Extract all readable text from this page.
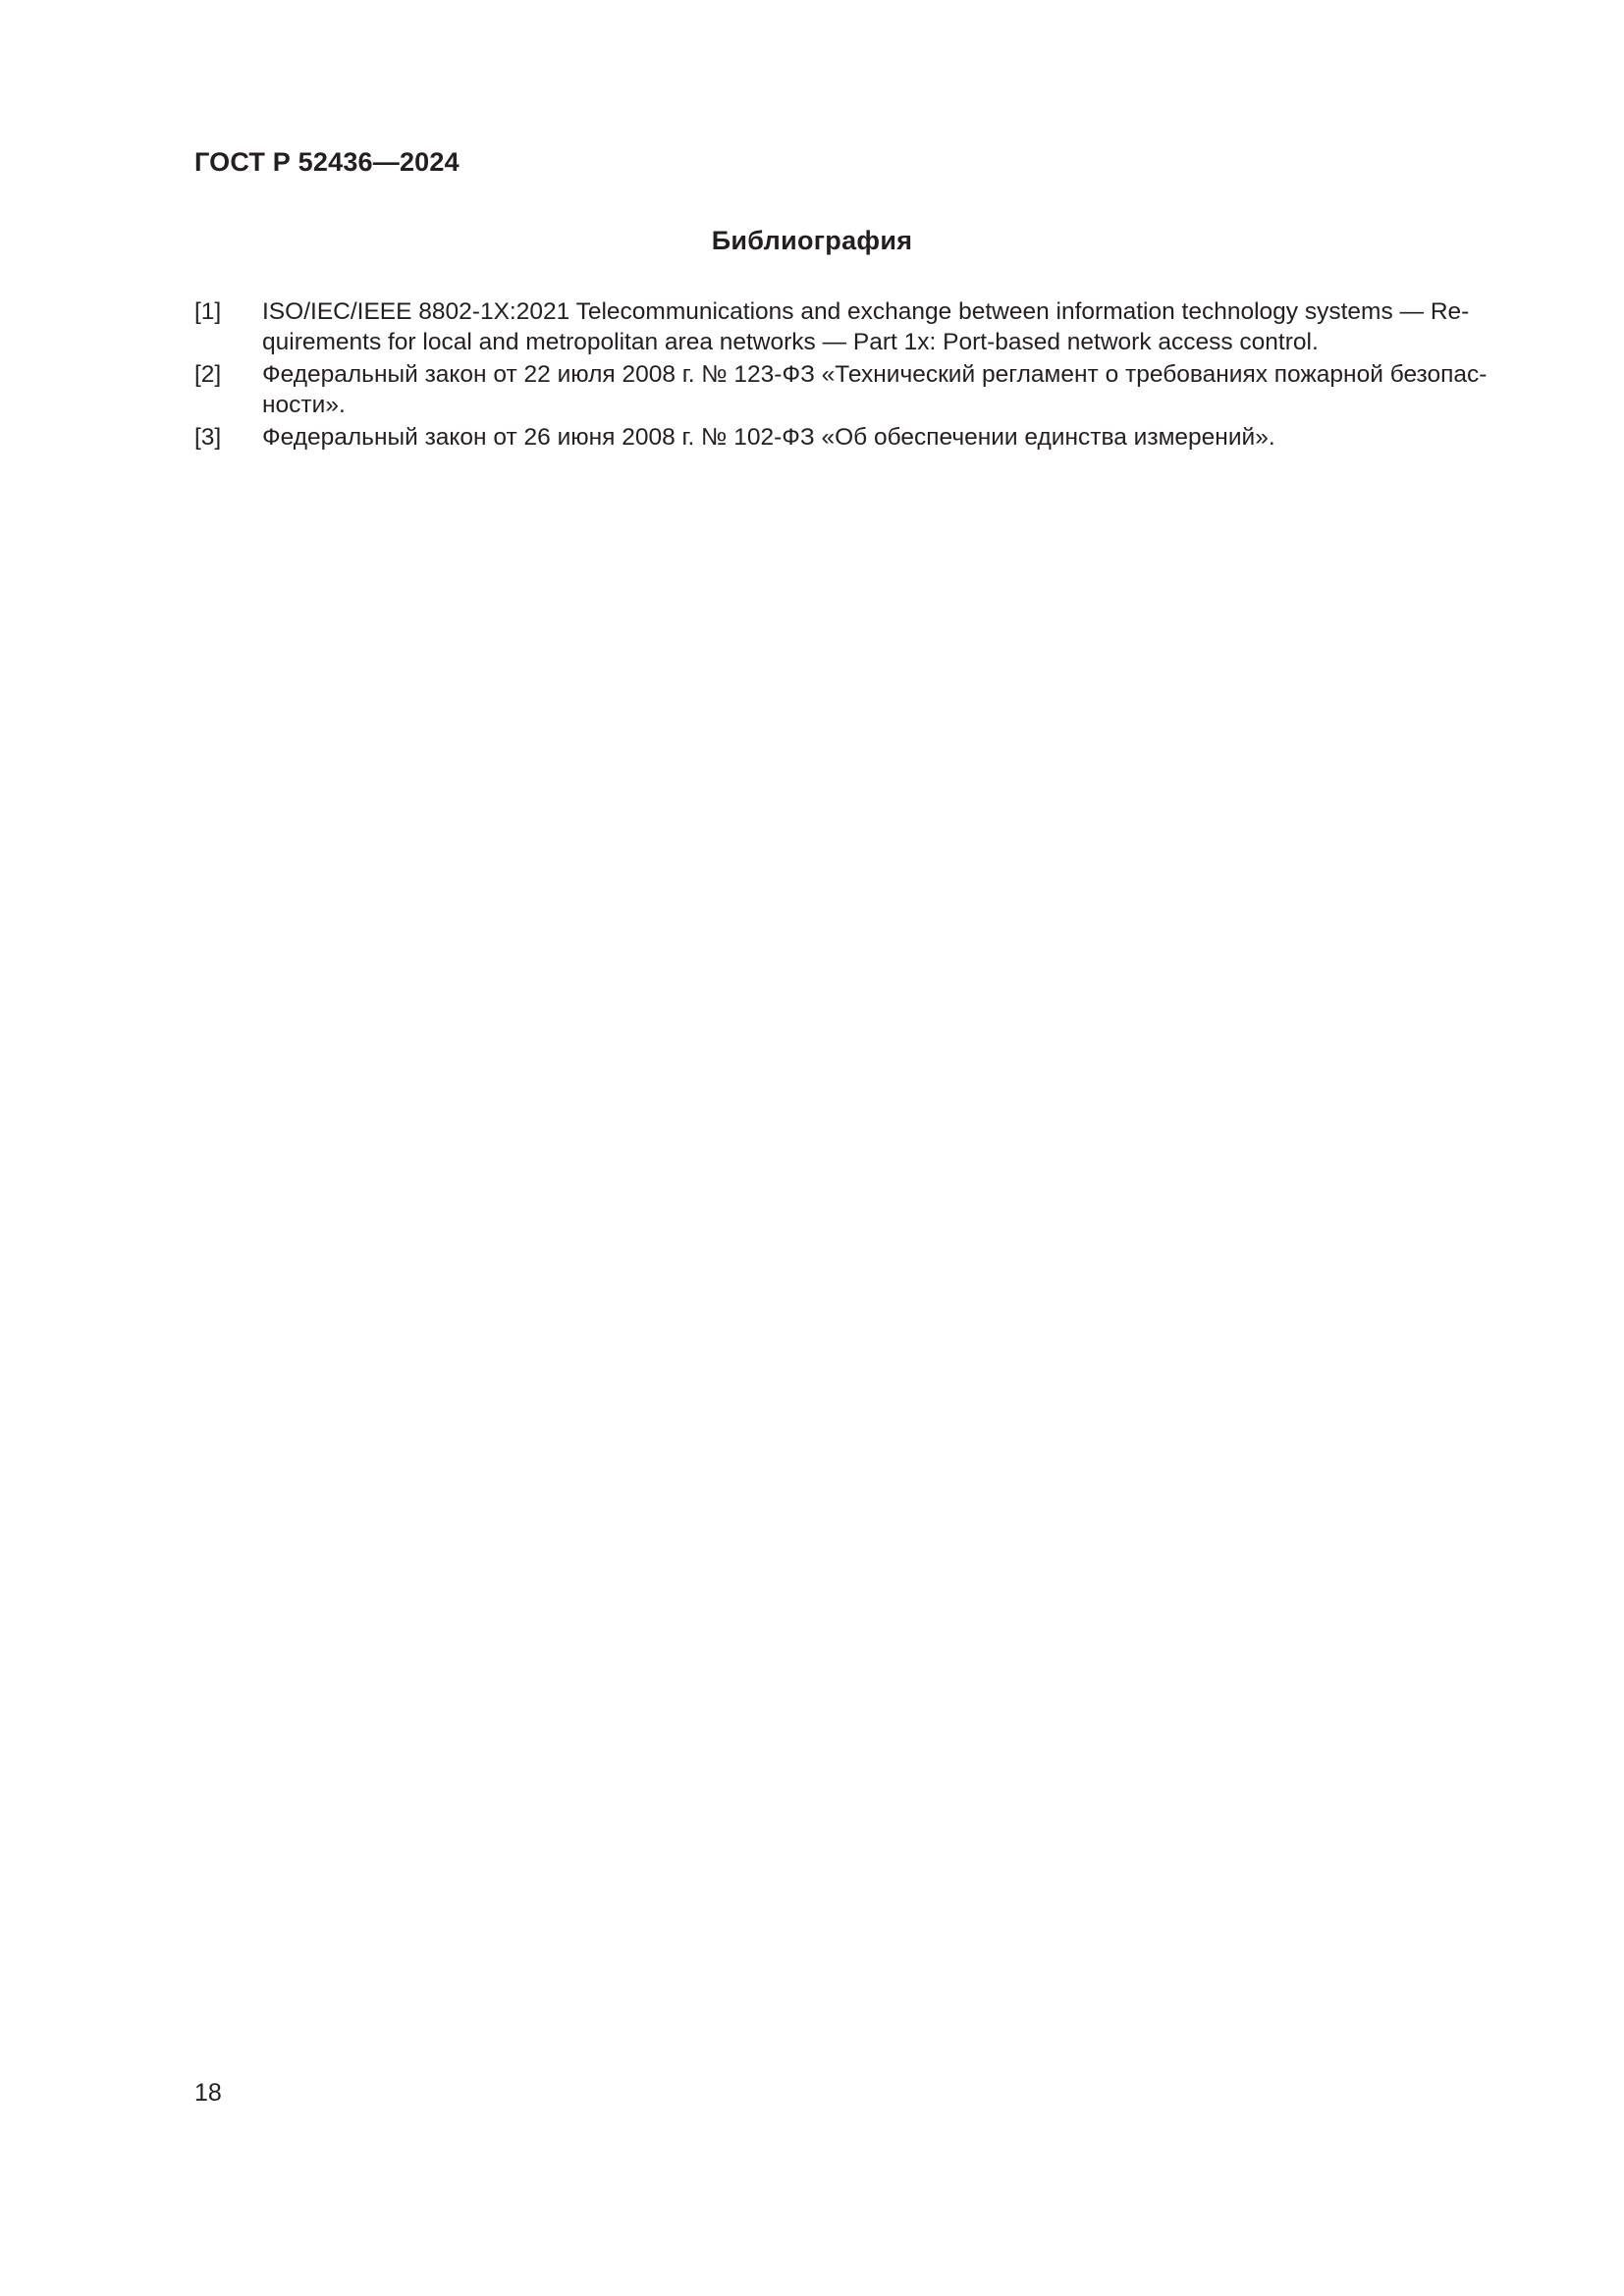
ГОСТ Р 52436—2024
Библиография
[1]	ISO/IEC/IEEE 8802-1X:2021 Telecommunications and exchange between information technology systems — Re-
quirements for local and metropolitan area networks — Part 1x: Port-based network access control.
[2]	Федеральный закон от 22 июля 2008 г. № 123-ФЗ «Технический регламент о требованиях пожарной безопас-
ности».
[3]	Федеральный закон от 26 июня 2008 г. № 102-ФЗ «Об обеспечении единства измерений».
18
